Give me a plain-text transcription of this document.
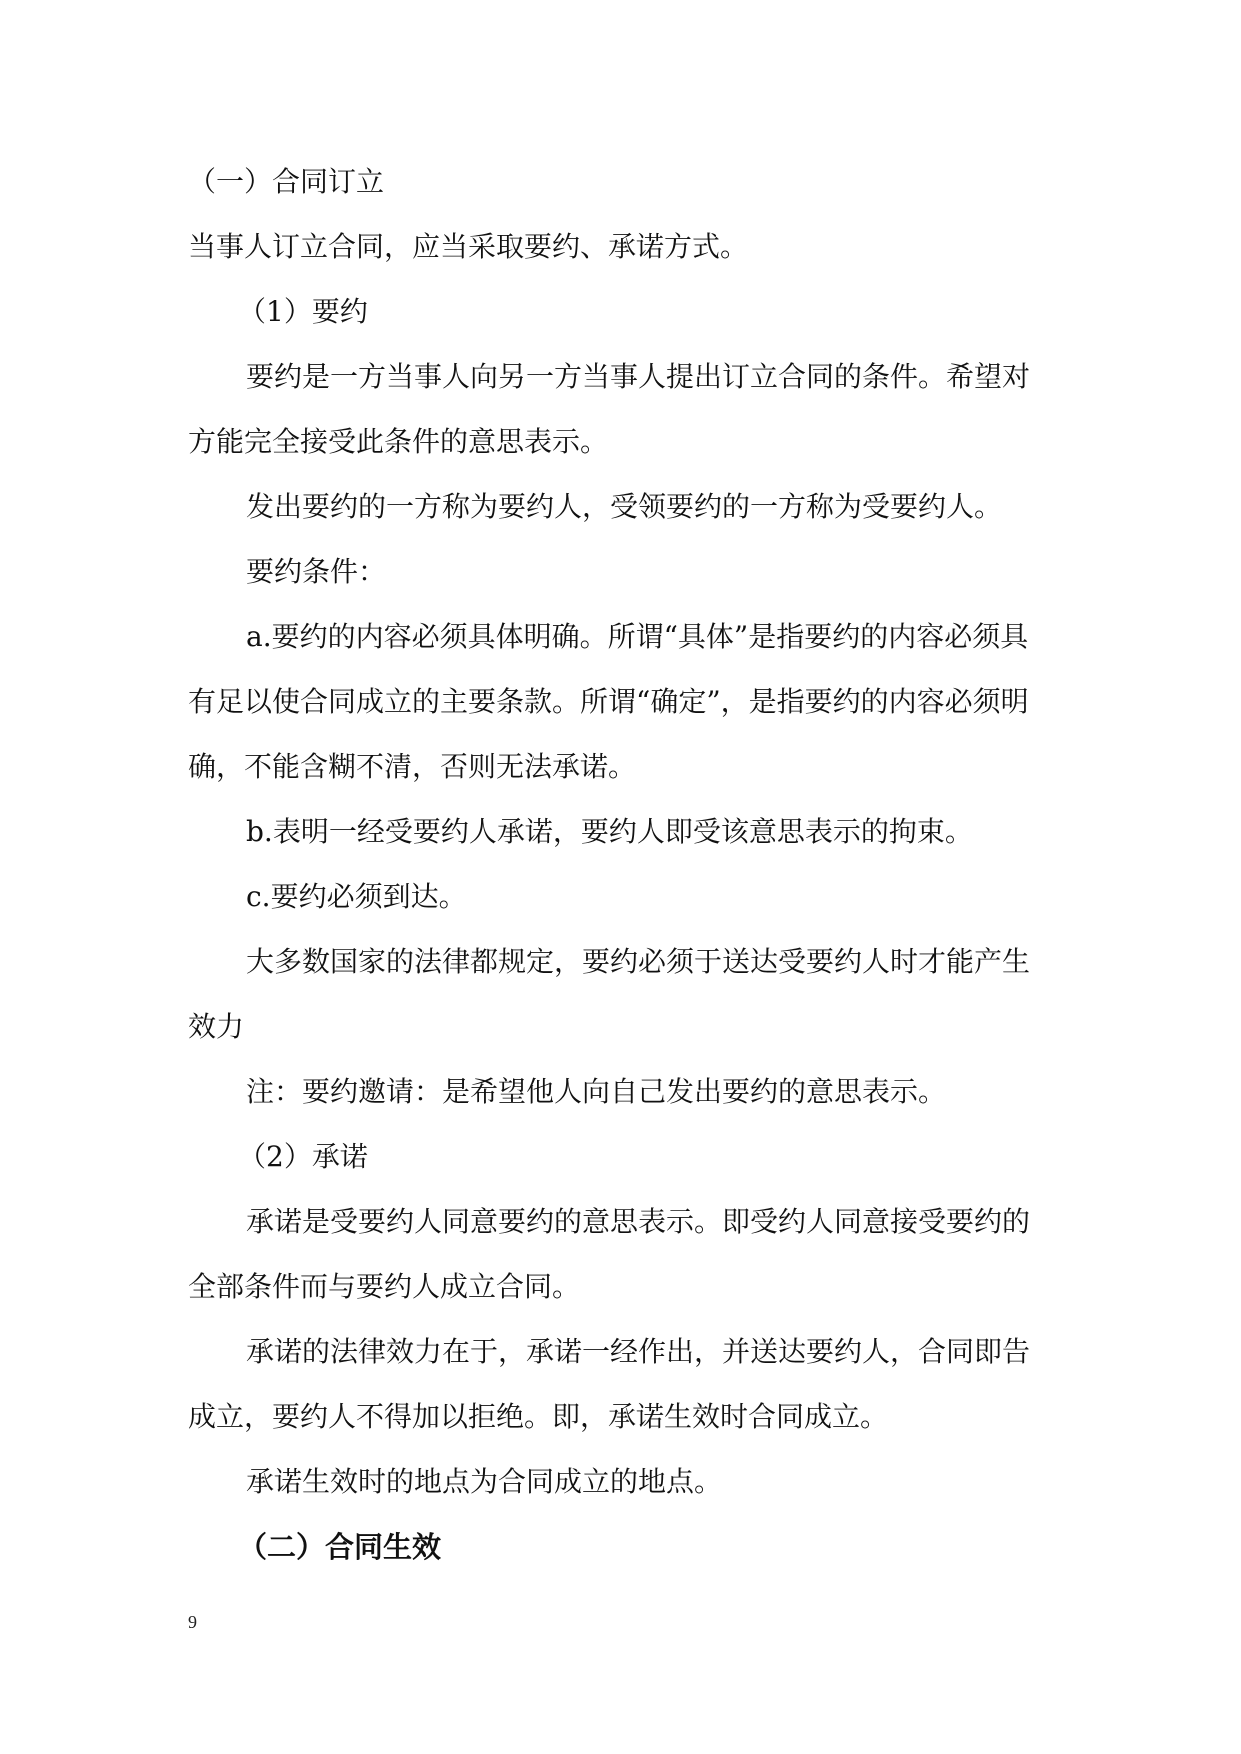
（一）合同订立
当事人订立合同，应当采取要约、承诺方式。
（1）要约
要约是一方当事人向另一方当事人提出订立合同的条件。希望对
方能完全接受此条件的意思表示。
发出要约的一方称为要约人，受领要约的一方称为受要约人。
要约条件：
a.要约的内容必须具体明确。所谓“具体”是指要约的内容必须具
有足以使合同成立的主要条款。所谓“确定”，是指要约的内容必须明
确，不能含糊不清，否则无法承诺。
b.表明一经受要约人承诺，要约人即受该意思表示的拘束。
c.要约必须到达。
大多数国家的法律都规定，要约必须于送达受要约人时才能产生
效力
注：要约邀请：是希望他人向自己发出要约的意思表示。
（2）承诺
承诺是受要约人同意要约的意思表示。即受约人同意接受要约的
全部条件而与要约人成立合同。
承诺的法律效力在于，承诺一经作出，并送达要约人，合同即告
成立，要约人不得加以拒绝。即，承诺生效时合同成立。
承诺生效时的地点为合同成立的地点。
（二）合同生效
9
